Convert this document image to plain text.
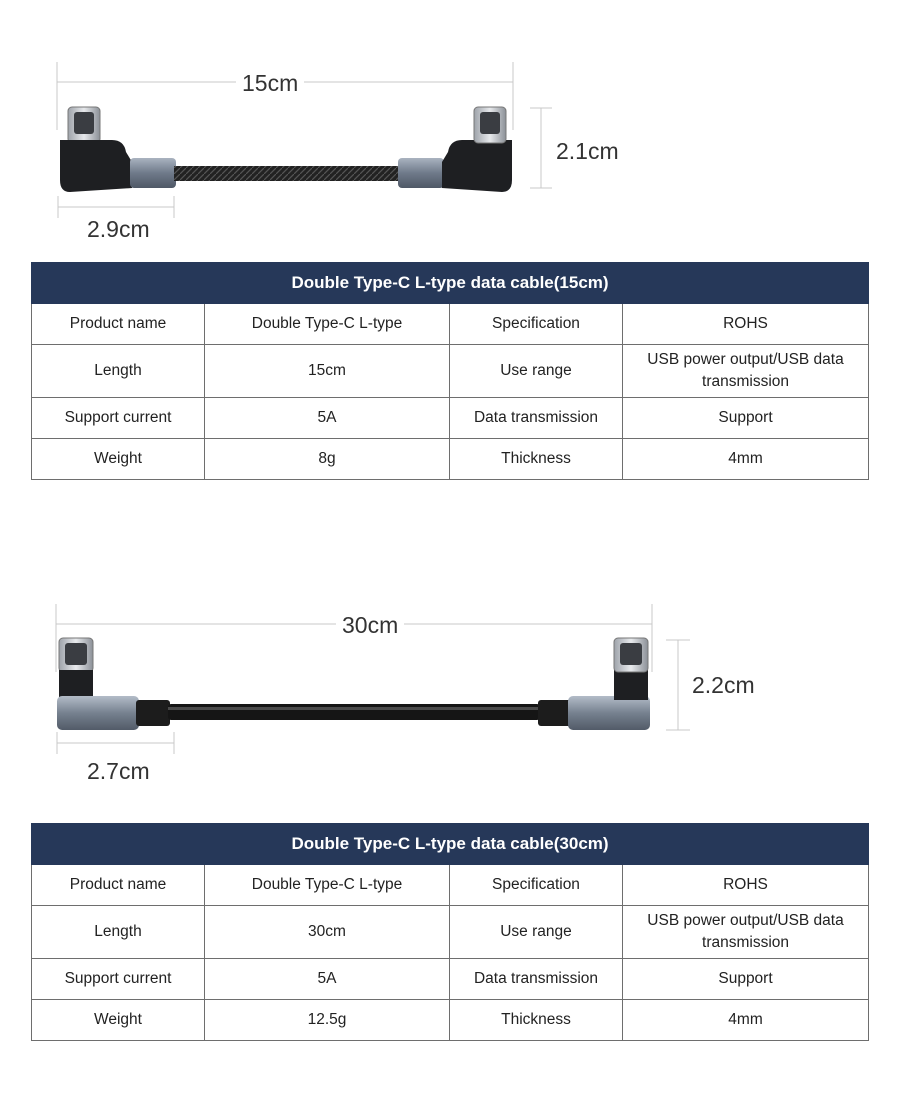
15cm
2.1cm
2.9cm
Double Type-C L-type data cable(15cm)			
Product name	Double Type-C L-type	Specification	ROHS
Length	15cm	Use range	USB power output/USB data transmission
Support current	5A	Data transmission	Support
Weight	8g	Thickness	4mm
30cm
2.2cm
2.7cm
Double Type-C L-type data cable(30cm)			
Product name	Double Type-C L-type	Specification	ROHS
Length	30cm	Use range	USB power output/USB data transmission
Support current	5A	Data transmission	Support
Weight	12.5g	Thickness	4mm
